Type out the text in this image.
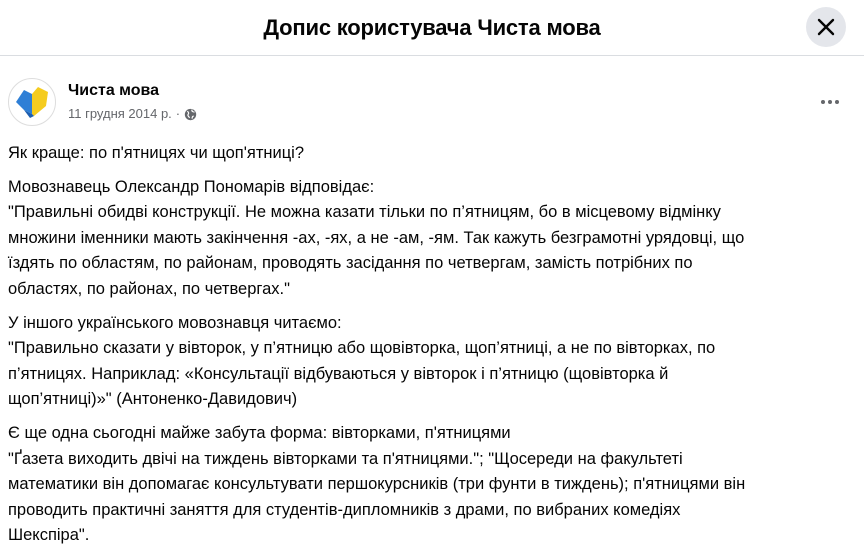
Допис користувача Чиста мова
Чиста мова
11 грудня 2014 р. ·
Як краще: по п'ятницях чи щоп'ятниці?
Мовознавець Олександр Пономарів відповідає:
"Правильні обидві конструкції. Не можна казати тільки по п’ятницям, бо в місцевому відмінку
множини іменники мають закінчення -ах, -ях, а не -ам, -ям. Так кажуть безграмотні урядовці, що
їздять по областям, по районам, проводять засідання по четвергам, замість потрібних по
областях, по районах, по четвергах."
У іншого українського мовознавця читаємо:
"Правильно сказати у вівторок, у п’ятницю або щовівторка, щоп’ятниці, а не по вівторках, по
п’ятницях. Наприклад: «Консультації відбуваються у вівторок і п’ятницю (щовівторка й
щоп’ятниці)»" (Антоненко-Давидович)
Є ще одна сьогодні майже забута форма: вівторками, п'ятницями
"Ґазета виходить двічі на тиждень вівторками та п'ятницями."; "Щосереди на факультеті
математики він допомагає консультувати першокурсників (три фунти в тиждень); п'ятницями він
проводить практичні заняття для студентів-дипломників з драми, по вибраних комедіях
Шекспіра".
